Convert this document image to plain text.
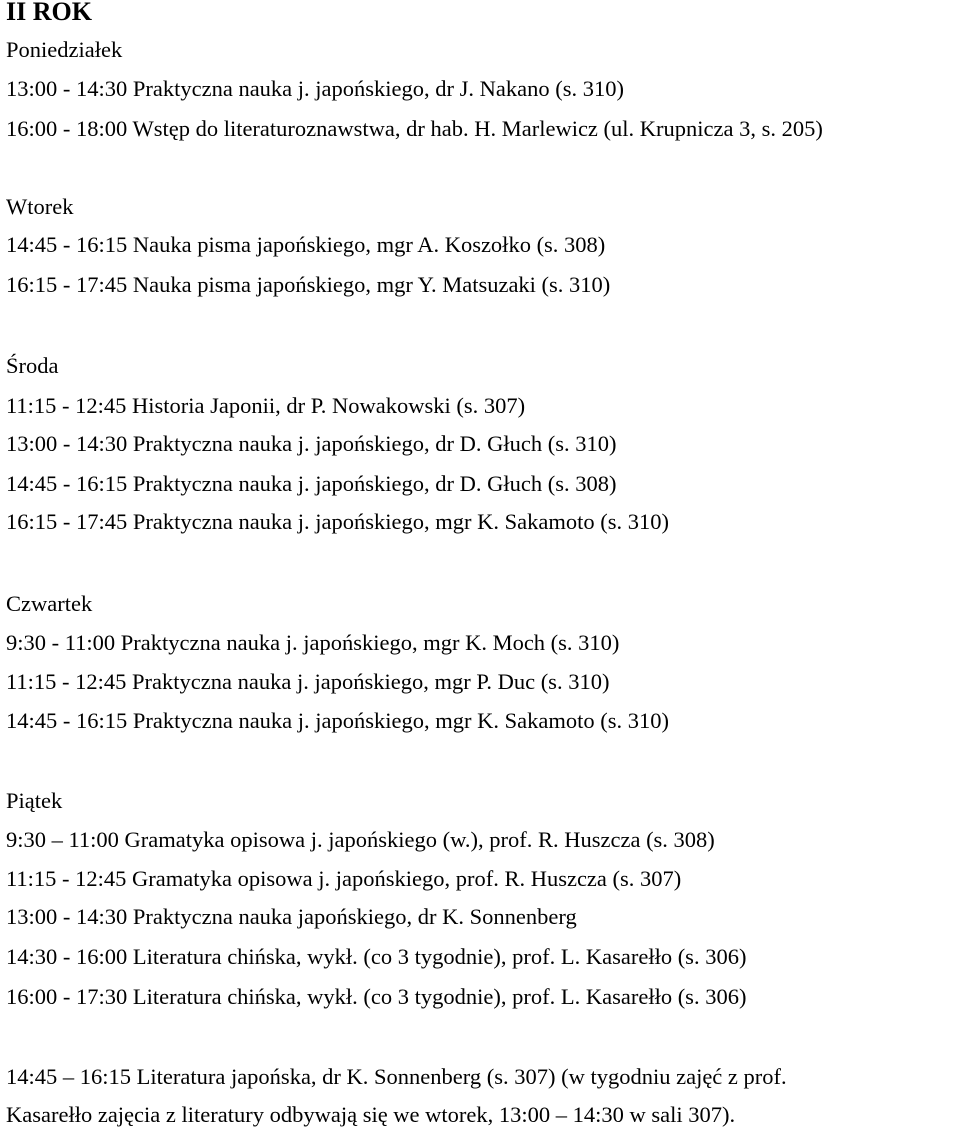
II ROK
Poniedziałek
13:00 - 14:30 Praktyczna nauka j. japońskiego, dr J. Nakano (s. 310)
16:00 - 18:00 Wstęp do literaturoznawstwa, dr hab. H. Marlewicz (ul. Krupnicza 3, s. 205)
Wtorek
14:45 - 16:15 Nauka pisma japońskiego, mgr A. Koszołko (s. 308)
16:15 - 17:45 Nauka pisma japońskiego, mgr Y. Matsuzaki (s. 310)
Środa
11:15 - 12:45 Historia Japonii, dr P. Nowakowski (s. 307)
13:00 - 14:30 Praktyczna nauka j. japońskiego, dr D. Głuch (s. 310)
14:45 - 16:15 Praktyczna nauka j. japońskiego, dr D. Głuch (s. 308)
16:15 - 17:45 Praktyczna nauka j. japońskiego, mgr K. Sakamoto (s. 310)
Czwartek
9:30 - 11:00 Praktyczna nauka j. japońskiego, mgr K. Moch (s. 310)
11:15 - 12:45 Praktyczna nauka j. japońskiego, mgr P. Duc (s. 310)
14:45 - 16:15 Praktyczna nauka j. japońskiego, mgr K. Sakamoto (s. 310)
Piątek
9:30 – 11:00 Gramatyka opisowa j. japońskiego (w.), prof. R. Huszcza (s. 308)
11:15 - 12:45 Gramatyka opisowa j. japońskiego, prof. R. Huszcza (s. 307)
13:00 - 14:30 Praktyczna nauka japońskiego, dr K. Sonnenberg
14:30 - 16:00 Literatura chińska, wykł. (co 3 tygodnie), prof. L. Kasarełło (s. 306)
16:00 - 17:30 Literatura chińska, wykł. (co 3 tygodnie), prof. L. Kasarełło (s. 306)
14:45 – 16:15 Literatura japońska, dr K. Sonnenberg (s. 307) (w tygodniu zajęć z prof.
Kasarełło zajęcia z literatury odbywają się we wtorek, 13:00 – 14:30 w sali 307).
